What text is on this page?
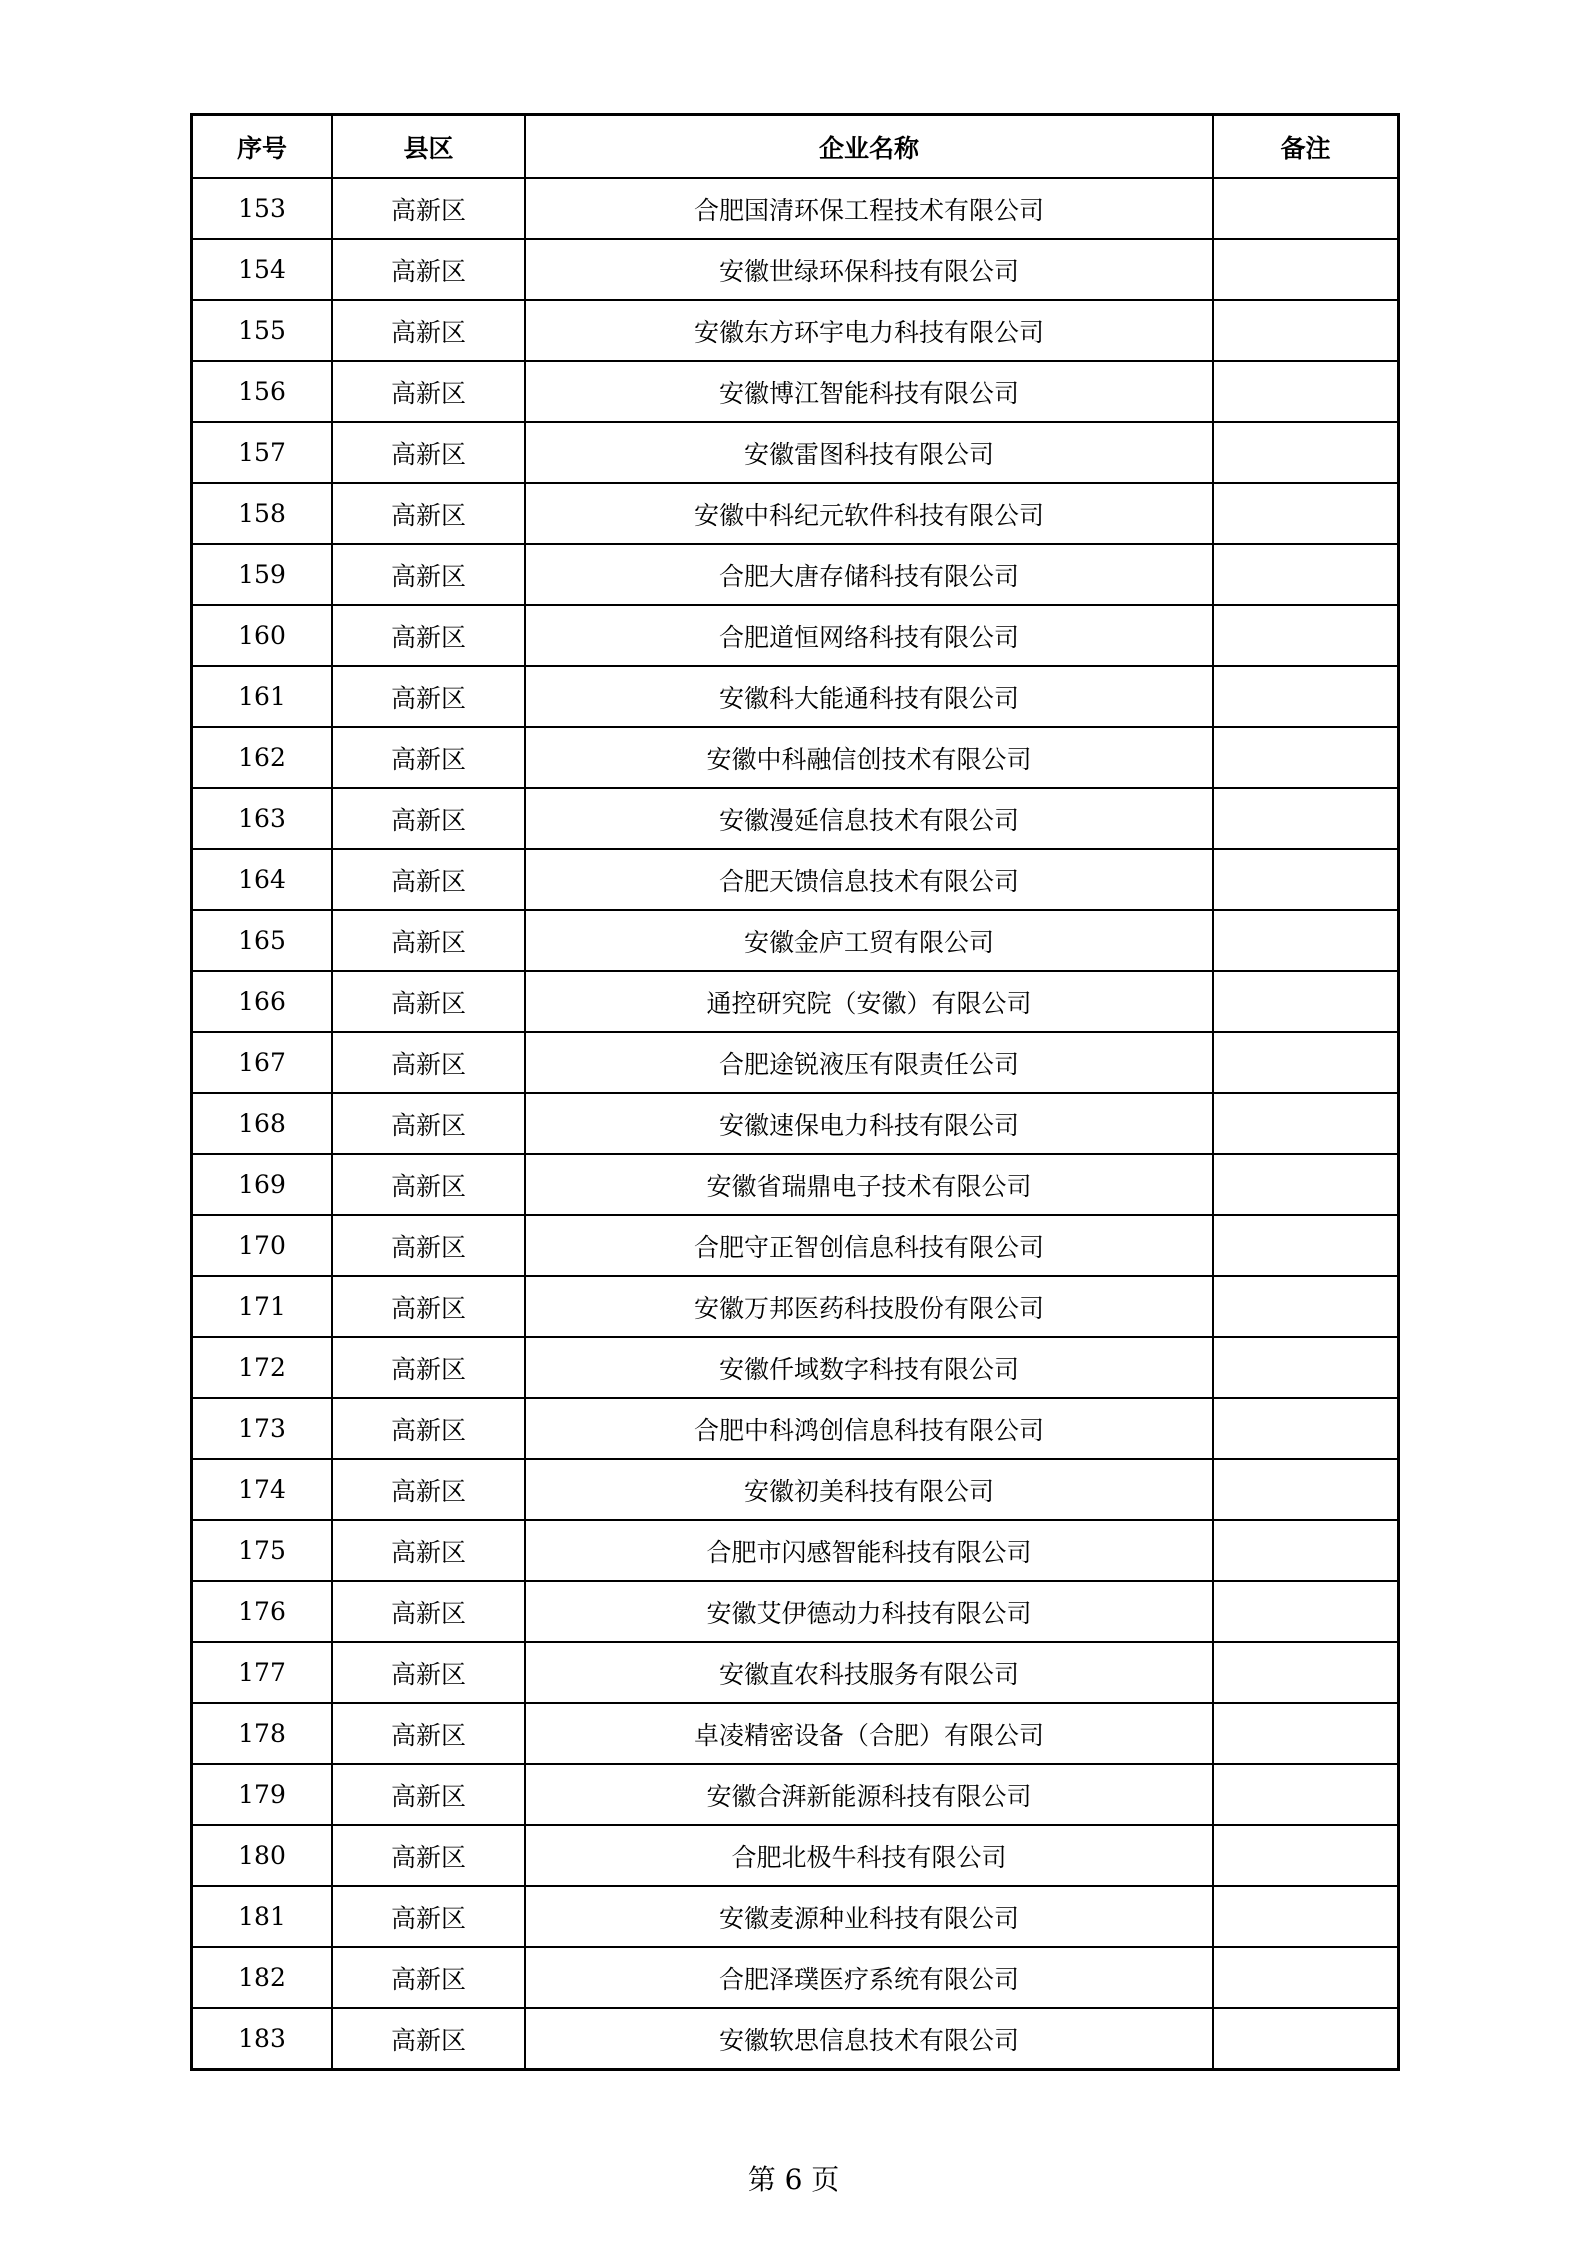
序号	县区	企业名称	备注
153	高新区	合肥国清环保工程技术有限公司	
154	高新区	安徽世绿环保科技有限公司	
155	高新区	安徽东方环宇电力科技有限公司	
156	高新区	安徽博江智能科技有限公司	
157	高新区	安徽雷图科技有限公司	
158	高新区	安徽中科纪元软件科技有限公司	
159	高新区	合肥大唐存储科技有限公司	
160	高新区	合肥道恒网络科技有限公司	
161	高新区	安徽科大能通科技有限公司	
162	高新区	安徽中科融信创技术有限公司	
163	高新区	安徽漫延信息技术有限公司	
164	高新区	合肥天馈信息技术有限公司	
165	高新区	安徽金庐工贸有限公司	
166	高新区	通控研究院（安徽）有限公司	
167	高新区	合肥途锐液压有限责任公司	
168	高新区	安徽速保电力科技有限公司	
169	高新区	安徽省瑞鼎电子技术有限公司	
170	高新区	合肥守正智创信息科技有限公司	
171	高新区	安徽万邦医药科技股份有限公司	
172	高新区	安徽仟域数字科技有限公司	
173	高新区	合肥中科鸿创信息科技有限公司	
174	高新区	安徽初美科技有限公司	
175	高新区	合肥市闪感智能科技有限公司	
176	高新区	安徽艾伊德动力科技有限公司	
177	高新区	安徽直农科技服务有限公司	
178	高新区	卓凌精密设备（合肥）有限公司	
179	高新区	安徽合湃新能源科技有限公司	
180	高新区	合肥北极牛科技有限公司	
181	高新区	安徽麦源种业科技有限公司	
182	高新区	合肥泽璞医疗系统有限公司	
183	高新区	安徽软思信息技术有限公司	
第 6 页
